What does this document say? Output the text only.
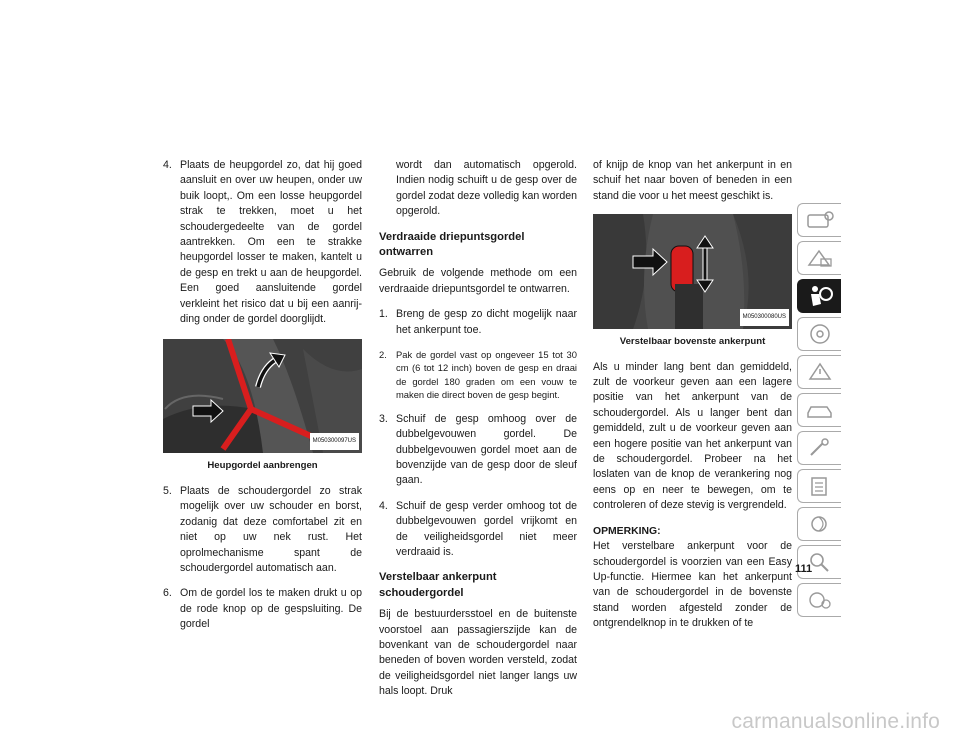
4. Plaats de heupgordel zo, dat hij goed aansluit en over uw heupen, onder uw buik loopt,. Om een losse heupgordel strak te trekken, moet u het schoudergedeelte van de gordel aantrekken. Om een te strakke heupgordel losser te maken, kantelt u de gesp en trekt u aan de heupgordel. Een goed aansluitende gordel verkleint het risico dat u bij een aanrijding onder de gordel doorglijdt.
M050300097US
Heupgordel aanbrengen
5. Plaats de schoudergordel zo strak mogelijk over uw schouder en borst, zodanig dat deze comfortabel zit en niet op uw nek rust. Het oprolmechanisme spant de schoudergordel automatisch aan.
6. Om de gordel los te maken drukt u op de rode knop op de gespsluiting. De gordel
wordt dan automatisch opgerold. Indien nodig schuift u de gesp over de gordel zodat deze volledig kan worden opgerold.
Verdraaide driepuntsgordel ontwarren

Gebruik de volgende methode om een verdraaide driepuntsgordel te ontwarren.

1. Breng de gesp zo dicht mogelijk naar het ankerpunt toe.
2. Pak de gordel vast op ongeveer 15 tot 30 cm (6 tot 12 inch) boven de gesp en draai de gordel 180 graden om een vouw te maken die direct boven de gesp begint.
3. Schuif de gesp omhoog over de dubbelgevouwen gordel. De dubbelgevouwen gordel moet aan de bovenzijde van de gesp door de sleuf gaan.
4. Schuif de gesp verder omhoog tot de dubbelgevouwen gordel vrijkomt en de veiligheidsgordel niet meer verdraaid is.
Verstelbaar ankerpunt schoudergordel

Bij de bestuurdersstoel en de buitenste voorstoel aan passagierszijde kan de bovenkant van de schoudergordel naar beneden of boven worden versteld, zodat de veiligheidsgordel niet langer langs uw hals loopt. Druk

of knijp de knop van het ankerpunt in en schuif het naar boven of beneden in een stand die voor u het meest geschikt is.

M050300080US
Verstelbaar bovenste ankerpunt

Als u minder lang bent dan gemiddeld, zult de voorkeur geven aan een lagere positie van het ankerpunt van de schoudergordel. Als u langer bent dan gemiddeld, zult u de voorkeur geven aan een hogere positie van het ankerpunt van de schoudergordel. Probeer na het loslaten van de knop de verankering nog eens op en neer te bewegen, om te controleren of deze stevig is vergrendeld.

OPMERKING:
Het verstelbare ankerpunt voor de schoudergordel is voorzien van een Easy Up-functie. Hiermee kan het ankerpunt van de schoudergordel in de bovenste stand worden afgesteld zonder de ontgrendelknop in te drukken of te
111
carmanualsonline.info
